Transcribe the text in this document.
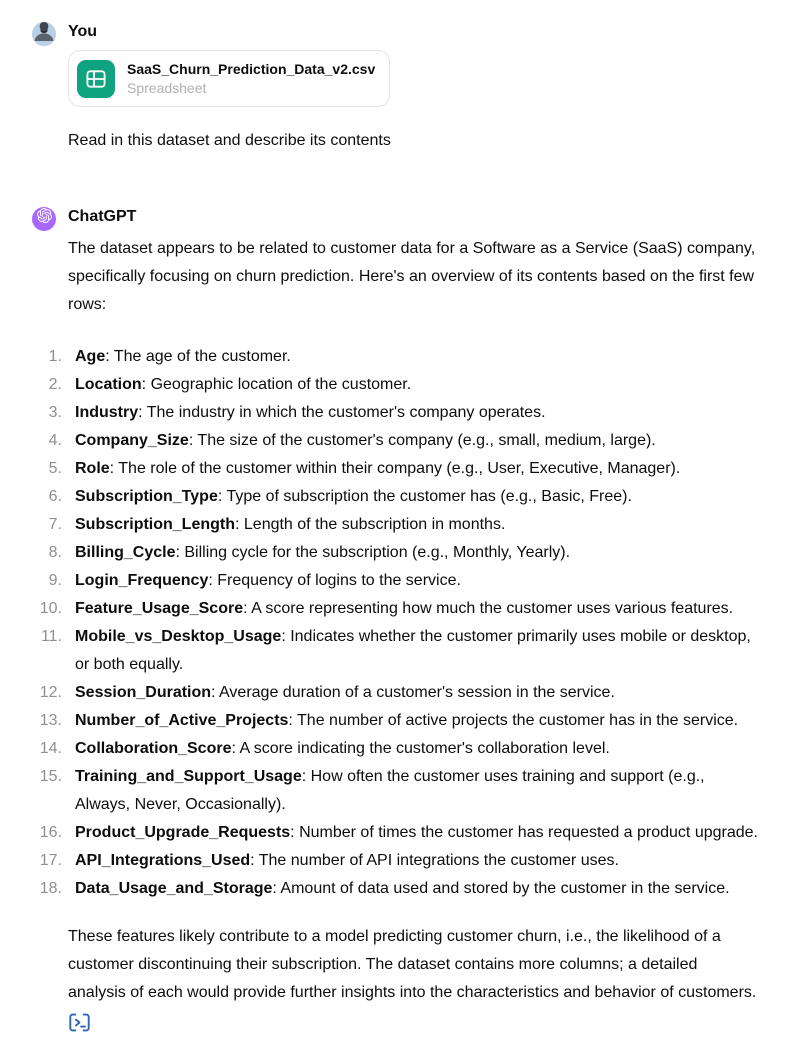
You
SaaS_Churn_Prediction_Data_v2.csv
Spreadsheet
Read in this dataset and describe its contents
ChatGPT
The dataset appears to be related to customer data for a Software as a Service (SaaS) company, specifically focusing on churn prediction. Here's an overview of its contents based on the first few rows:
1. Age: The age of the customer.
2. Location: Geographic location of the customer.
3. Industry: The industry in which the customer's company operates.
4. Company_Size: The size of the customer's company (e.g., small, medium, large).
5. Role: The role of the customer within their company (e.g., User, Executive, Manager).
6. Subscription_Type: Type of subscription the customer has (e.g., Basic, Free).
7. Subscription_Length: Length of the subscription in months.
8. Billing_Cycle: Billing cycle for the subscription (e.g., Monthly, Yearly).
9. Login_Frequency: Frequency of logins to the service.
10. Feature_Usage_Score: A score representing how much the customer uses various features.
11. Mobile_vs_Desktop_Usage: Indicates whether the customer primarily uses mobile or desktop, or both equally.
12. Session_Duration: Average duration of a customer's session in the service.
13. Number_of_Active_Projects: The number of active projects the customer has in the service.
14. Collaboration_Score: A score indicating the customer's collaboration level.
15. Training_and_Support_Usage: How often the customer uses training and support (e.g., Always, Never, Occasionally).
16. Product_Upgrade_Requests: Number of times the customer has requested a product upgrade.
17. API_Integrations_Used: The number of API integrations the customer uses.
18. Data_Usage_and_Storage: Amount of data used and stored by the customer in the service.
These features likely contribute to a model predicting customer churn, i.e., the likelihood of a customer discontinuing their subscription. The dataset contains more columns; a detailed analysis of each would provide further insights into the characteristics and behavior of customers.
